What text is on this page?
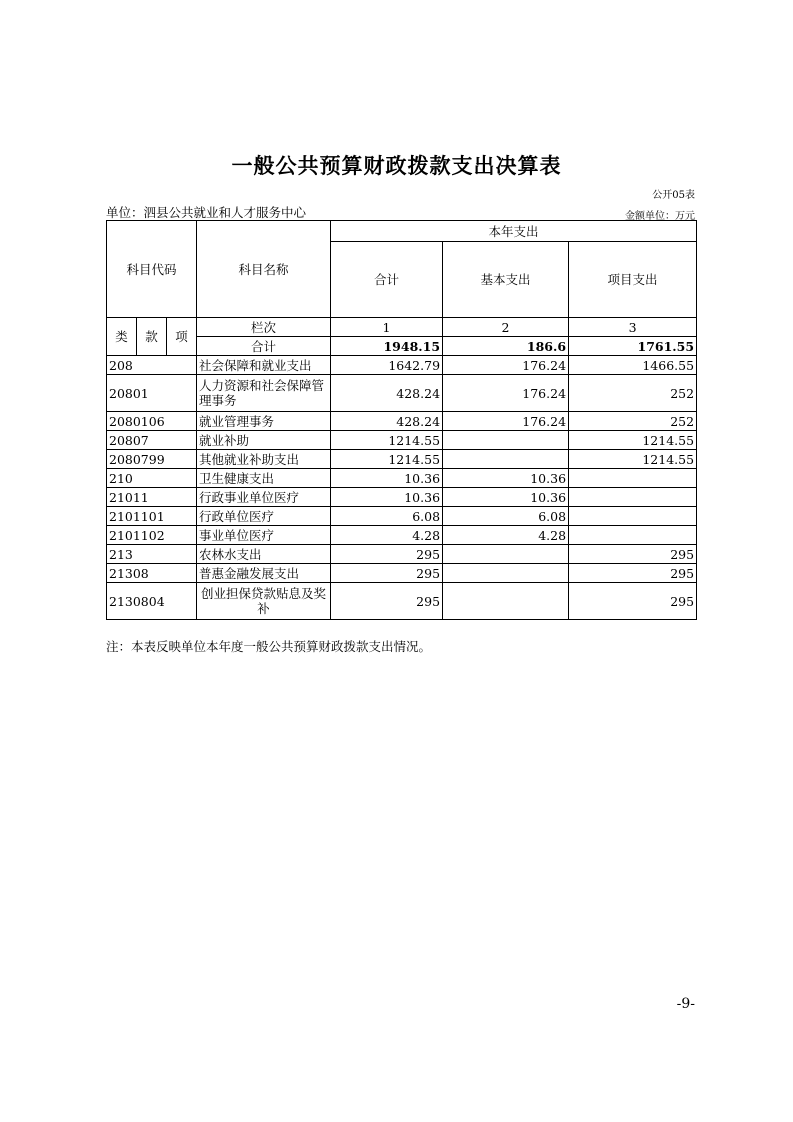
一般公共预算财政拨款支出决算表
公开05表
单位：泗县公共就业和人才服务中心	金额单位：万元
科目代码			科目名称	本年支出		
				合计	基本支出	项目支出
类	款	项	栏次	1	2	3
			合计	1948.15	186.6	1761.55
208			社会保障和就业支出	1642.79	176.24	1466.55
20801			人力资源和社会保障管理事务	428.24	176.24	252
2080106			就业管理事务	428.24	176.24	252
20807			就业补助	1214.55		1214.55
2080799			其他就业补助支出	1214.55		1214.55
210			卫生健康支出	10.36	10.36	
21011			行政事业单位医疗	10.36	10.36	
2101101			行政单位医疗	6.08	6.08	
2101102			事业单位医疗	4.28	4.28	
213			农林水支出	295		295
21308			普惠金融发展支出	295		295
2130804			创业担保贷款贴息及奖补	295		295
注：本表反映单位本年度一般公共预算财政拨款支出情况。
-9-
